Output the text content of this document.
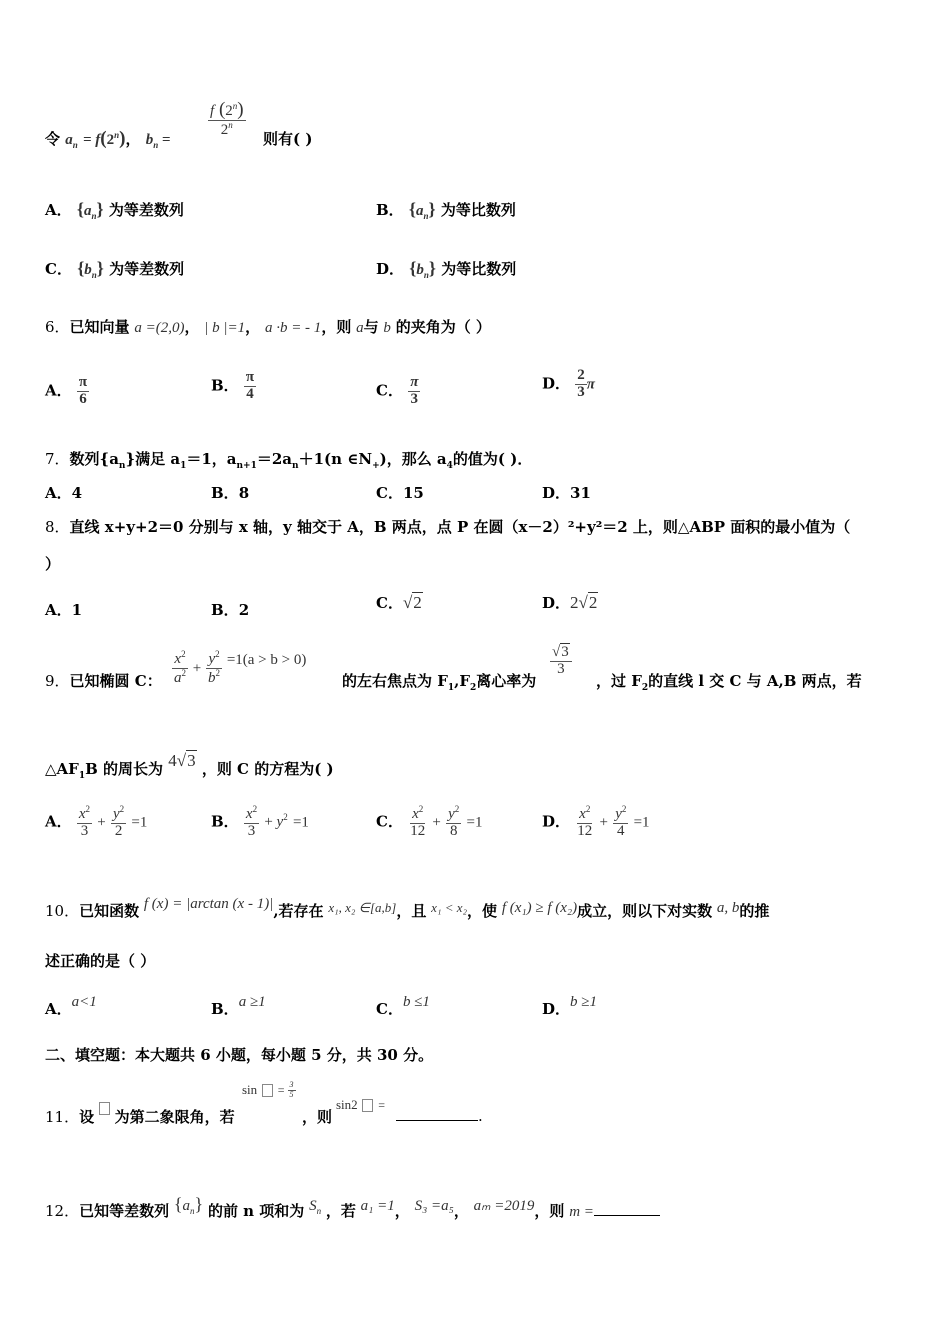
令 $a_n = f(2^n)$， $b_n$ =
$\frac{f (2^n)}{2^n}$
则有( )
A． $\{a_n\}$ 为等差数列	B． $\{a_n\}$ 为等比数列
C． $\{b_n\}$ 为等差数列	D． $\{b_n\}$ 为等比数列
6．已知向量 a =(2,0)， | b |=1， a ·b = - 1，则 a与 b 的夹角为（ ）
A． $\frac{\pi}{6}$	B． $\frac{\pi}{4}$	C． $\frac{\pi}{3}$	D． $\frac{2}{3}$ π
7．数列$\{a_n\}$满足 $a_1=1$，$a_{n+1}=2a_n+1(n$ $\in N_+$)，那么 $a_4$的值为( )．
A．4	B．8	C．15	D．31
8．直线 x+y+2＝0 分别与 x 轴，y 轴交于 A，B 两点，点 P 在圆（x－2）²+y²＝2 上，则△ABP 面积的最小值为（
）
A．1	B．2	C．√2	D．2√2
9．已知椭圆 C： $\frac{x^2}{a^2} + \frac{y^2}{b^2} =1(a > b > 0)$
的左右焦点为 $F_1,F_2$离心率为
$\frac{√3}{3}$
，过 $F_2$的直线 l 交 C 与 A,B 两点，若
$\triangle AF_1B$ 的周长为 4√3 ，则 C 的方程为( )
A． $\frac{x^2}{3} + \frac{y^2}{2} =1$	B． $\frac{x^2}{3} + y^2 =1$	C． $\frac{x^2}{12} + \frac{y^2}{8} =1$	D． $\frac{x^2}{12} + \frac{y^2}{4} =1$
10．已知函数 f (x) = |arctan (x - 1)|,若存在 x₁, x₂ ∈[a,b]，且 x₁ < x₂，使 f (x₁) ≥ f (x₂)成立，则以下对实数 a, b的推
述正确的是（ ）
A．a<1	B．a ≥1	C．b ≤1	D．b ≥1
二、填空题：本大题共 6 小题，每小题 5 分，共 30 分。
11．设 为第二象限角，若
$\sin = \frac{3}{5}$
，则
sin2 =
.
12．已知等差数列 $\{a_n\}$ 的前 n 项和为 $S_n$ ，若 a₁ =1， S₃ =a₅， aₘ =2019，则 m =
